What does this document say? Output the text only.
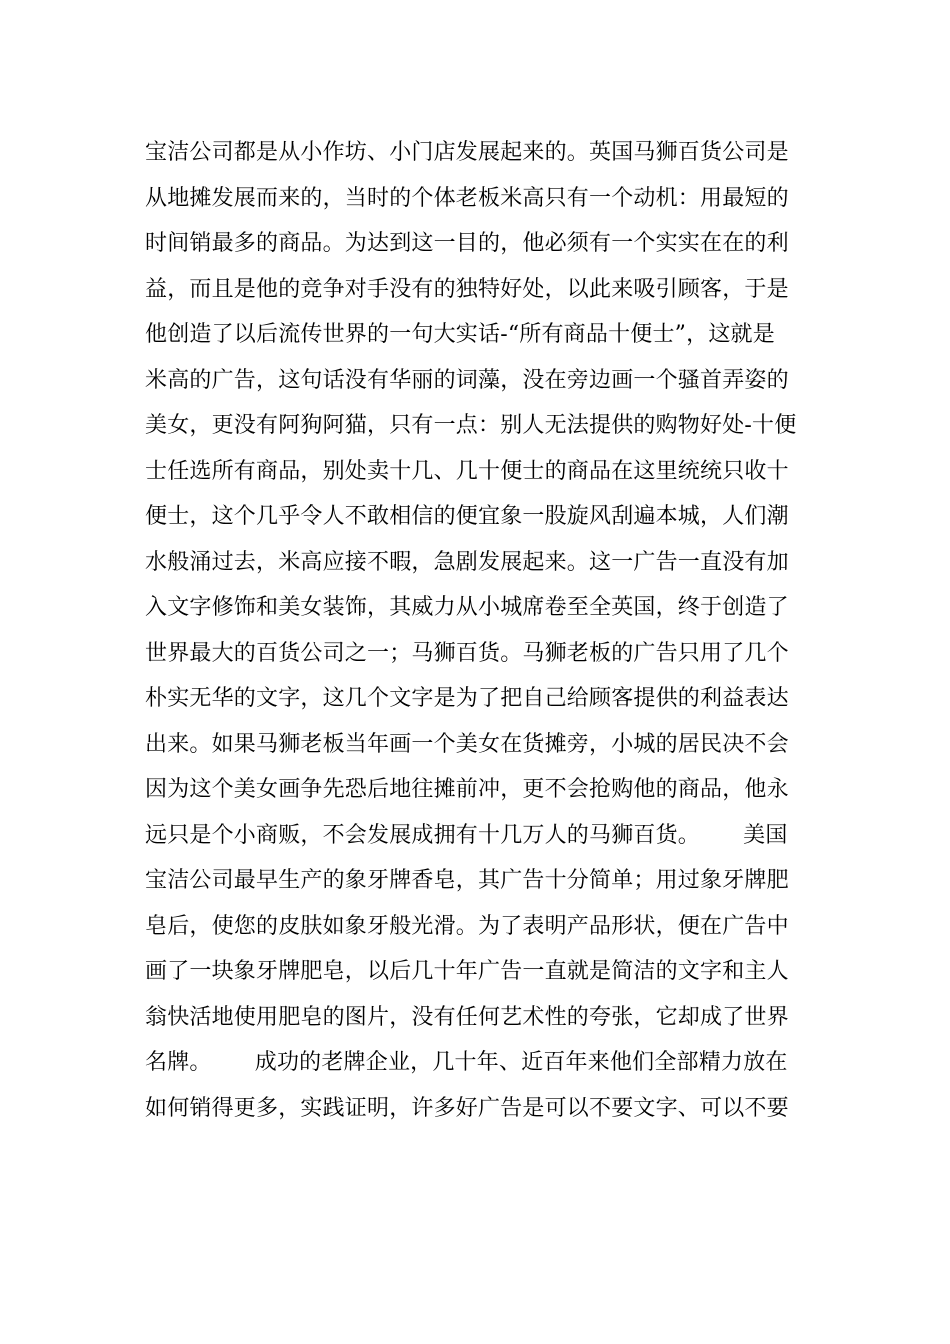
宝洁公司都是从小作坊、小门店发展起来的。英国马狮百货公司是
从地摊发展而来的，当时的个体老板米高只有一个动机：用最短的
时间销最多的商品。为达到这一目的，他必须有一个实实在在的利
益，而且是他的竞争对手没有的独特好处，以此来吸引顾客，于是
他创造了以后流传世界的一句大实话-“所有商品十便士”，这就是
米高的广告，这句话没有华丽的词藻，没在旁边画一个骚首弄姿的
美女，更没有阿狗阿猫，只有一点：别人无法提供的购物好处-十便
士任选所有商品，别处卖十几、几十便士的商品在这里统统只收十
便士，这个几乎令人不敢相信的便宜象一股旋风刮遍本城，人们潮
水般涌过去，米高应接不暇，急剧发展起来。这一广告一直没有加
入文字修饰和美女装饰，其威力从小城席卷至全英国，终于创造了
世界最大的百货公司之一；马狮百货。马狮老板的广告只用了几个
朴实无华的文字，这几个文字是为了把自己给顾客提供的利益表达
出来。如果马狮老板当年画一个美女在货摊旁，小城的居民决不会
因为这个美女画争先恐后地往摊前冲，更不会抢购他的商品，他永
远只是个小商贩，不会发展成拥有十几万人的马狮百货。      美国
宝洁公司最早生产的象牙牌香皂，其广告十分简单；用过象牙牌肥
皂后，使您的皮肤如象牙般光滑。为了表明产品形状，便在广告中
画了一块象牙牌肥皂，以后几十年广告一直就是简洁的文字和主人
翁快活地使用肥皂的图片，没有任何艺术性的夸张，它却成了世界
名牌。      成功的老牌企业，几十年、近百年来他们全部精力放在
如何销得更多，实践证明，许多好广告是可以不要文字、可以不要
